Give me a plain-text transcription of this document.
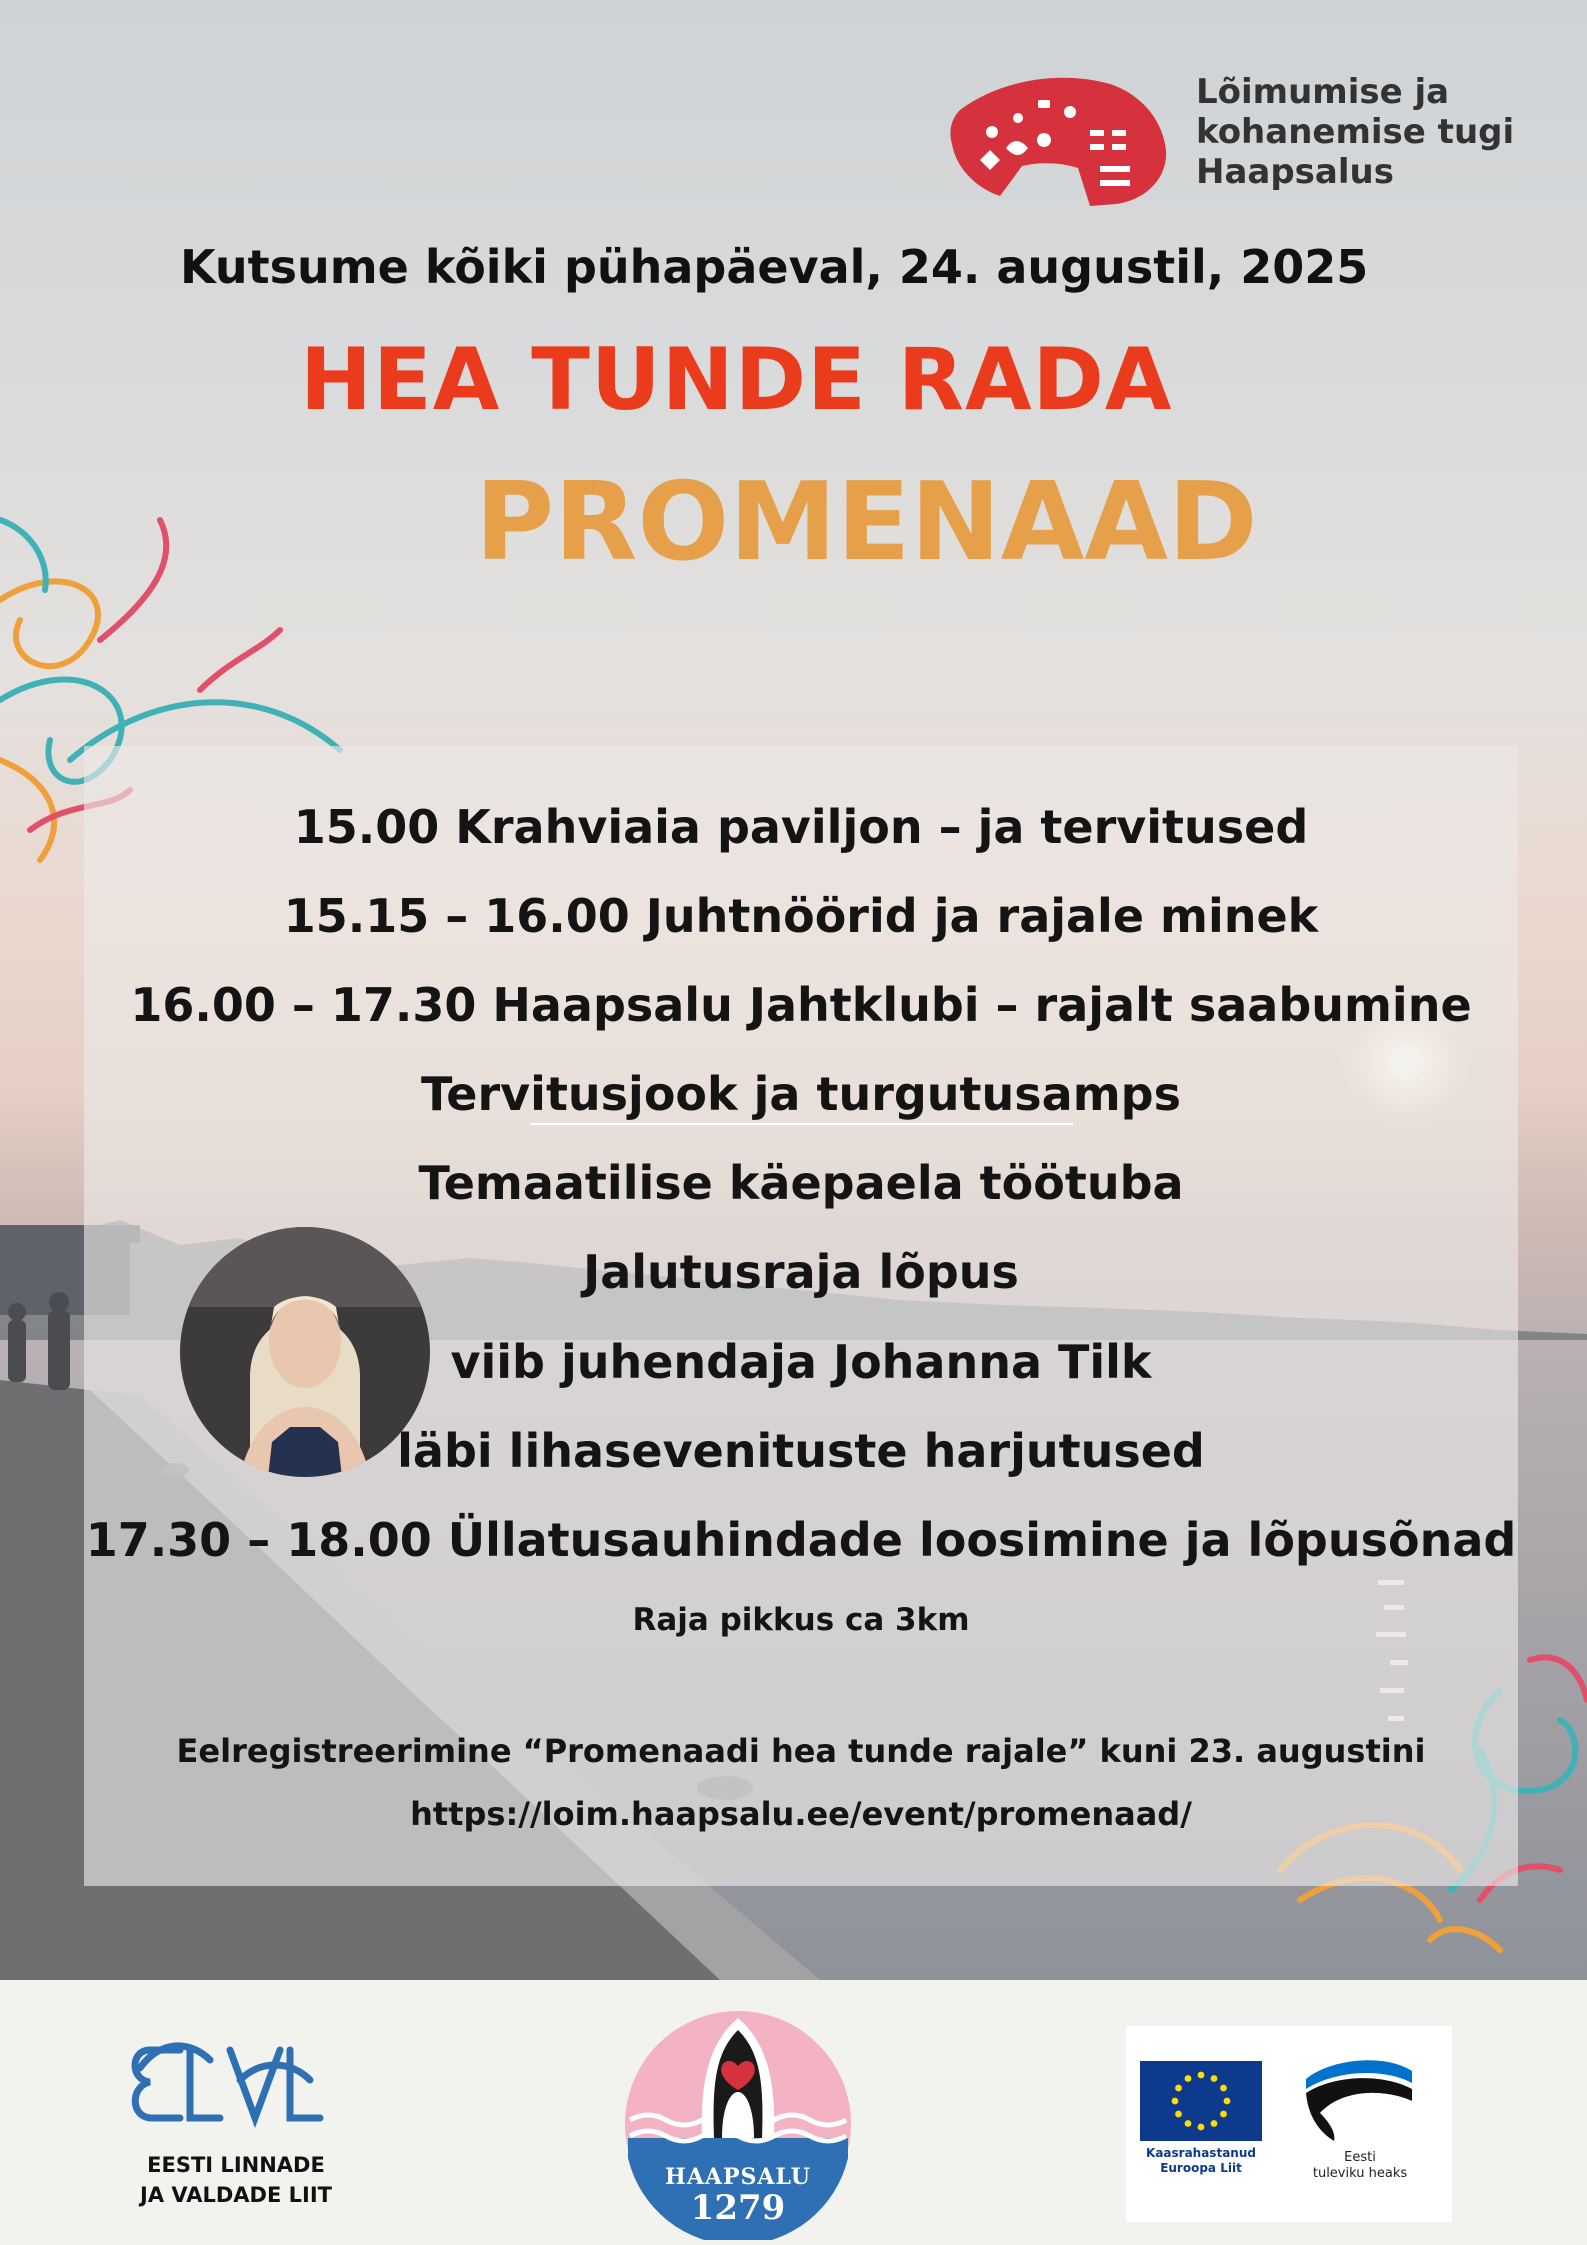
Lõimumise ja
kohanemise tugi
Haapsalus
Kutsume kõiki pühapäeval, 24. augustil, 2025
HEA TUNDE RADA
PROMENAAD
15.00 Krahviaia paviljon – ja tervitused
15.15 – 16.00 Juhtnöörid ja rajale minek
16.00 – 17.30 Haapsalu Jahtklubi – rajalt saabumine
Tervitusjook ja turgutusamps
Temaatilise käepaela töötuba
Jalutusraja lõpus
viib juhendaja Johanna Tilk
läbi lihasevenituste harjutused
17.30 – 18.00 Üllatusauhindade loosimine ja lõpusõnad
Raja pikkus ca 3km
Eelregistreerimine “Promenaadi hea tunde rajale” kuni 23. augustini
https://loim.haapsalu.ee/event/promenaad/
EESTI LINNADE
JA VALDADE LIIT
HAAPSALU
1279
Kaasrahastanud
Euroopa Liit
Eesti
tuleviku heaks
